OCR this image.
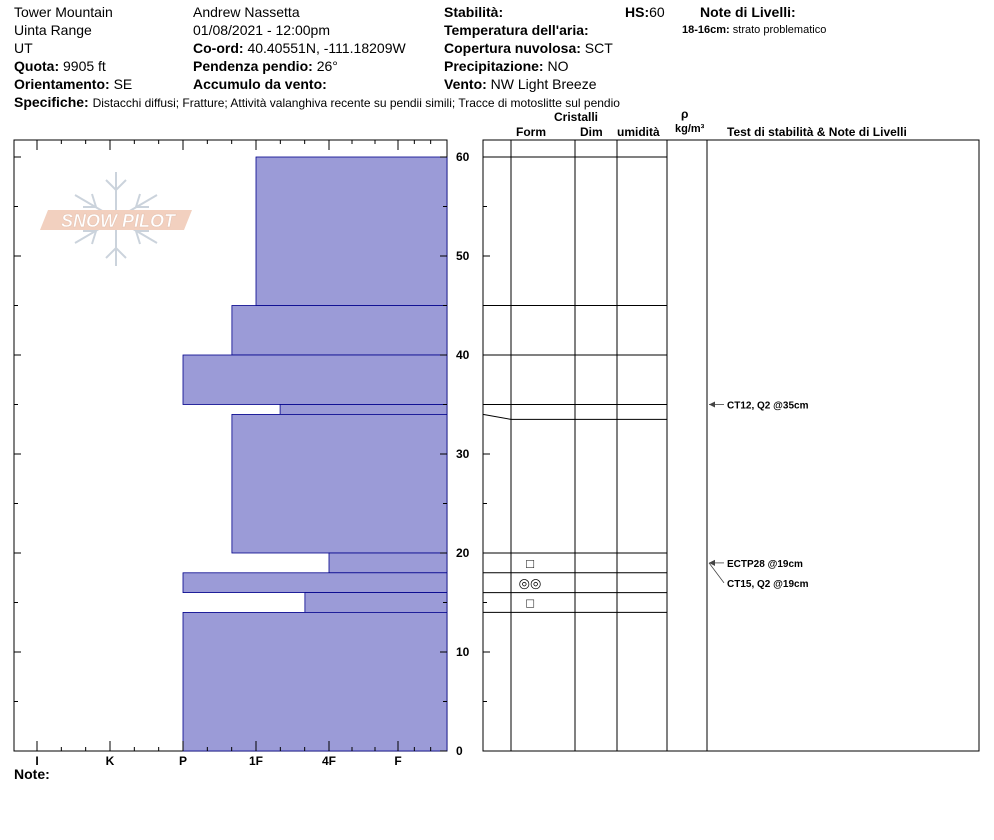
Tower Mountain
Uinta Range
UT
Quota: 9905 ft
Orientamento: SE
Specifiche: Distacchi diffusi; Fratture; Attività valanghiva recente su pendii simili; Tracce di motoslitte sul pendio
Andrew Nassetta
01/08/2021 - 12:00pm
Co-ord: 40.40551N, -111.18209W
Pendenza pendio: 26°
Accumulo da vento:
Stabilità:
Temperatura dell'aria:
Copertura nuvolosa: SCT
Precipitazione: NO
Vento: NW Light Breeze
HS:60	Note di Livelli:
18-16cm: strato problematico
Cristalli
Form	Dim umidità
ρ
kg/m³ Test di stabilità & Note di Livelli
Note:
SNOW PILOT
0
10
20
30
40
50
60
I	K	P	1F	4F	F
□
◎◎
□
CT12, Q2 @35cm
ECTP28 @19cm
CT15, Q2 @19cm
